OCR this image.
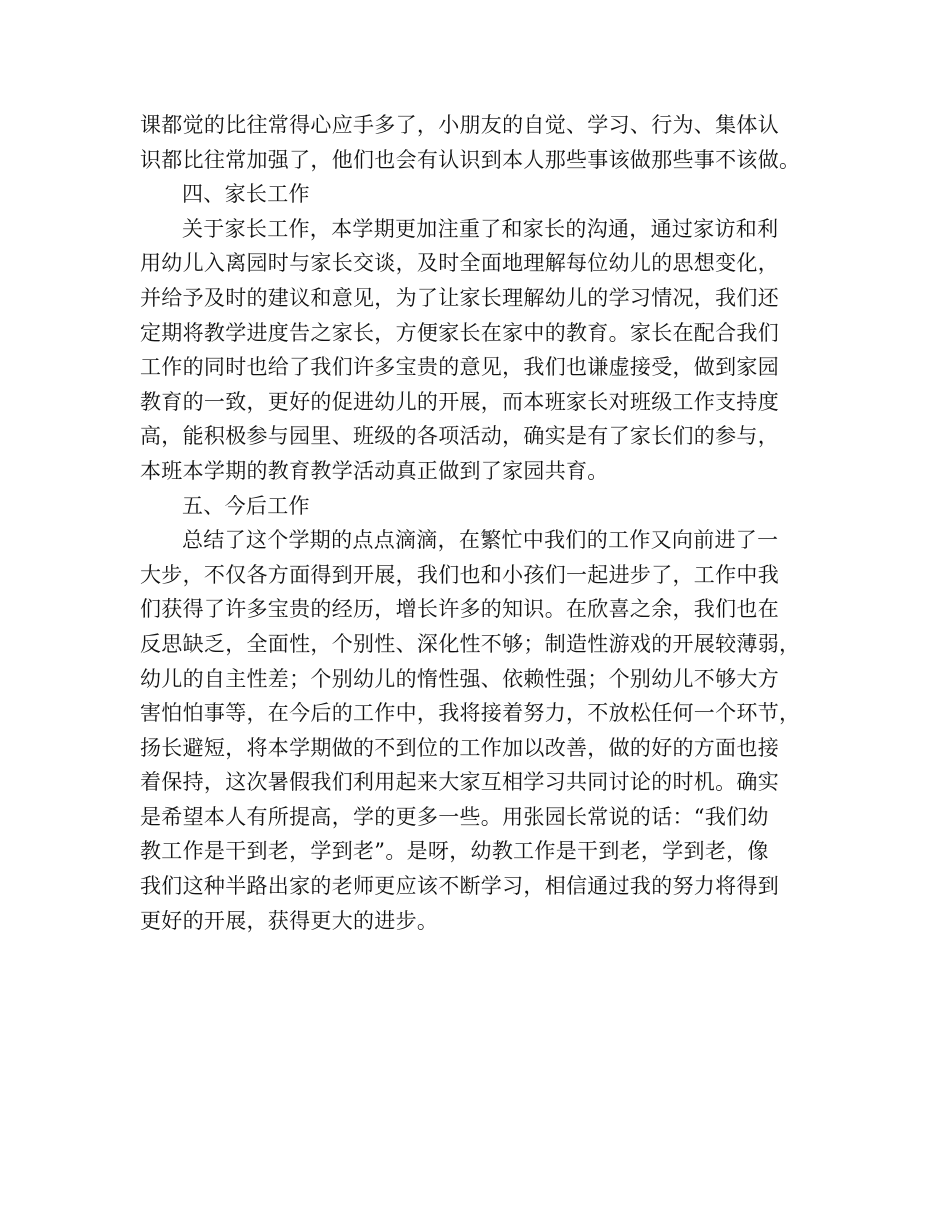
课都觉的比往常得心应手多了，小朋友的自觉、学习、行为、集体认
识都比往常加强了，他们也会有认识到本人那些事该做那些事不该做。
四、家长工作
关于家长工作，本学期更加注重了和家长的沟通，通过家访和利
用幼儿入离园时与家长交谈，及时全面地理解每位幼儿的思想变化，
并给予及时的建议和意见，为了让家长理解幼儿的学习情况，我们还
定期将教学进度告之家长，方便家长在家中的教育。家长在配合我们
工作的同时也给了我们许多宝贵的意见，我们也谦虚接受，做到家园
教育的一致，更好的促进幼儿的开展，而本班家长对班级工作支持度
高，能积极参与园里、班级的各项活动，确实是有了家长们的参与，
本班本学期的教育教学活动真正做到了家园共育。
五、今后工作
总结了这个学期的点点滴滴，在繁忙中我们的工作又向前进了一
大步，不仅各方面得到开展，我们也和小孩们一起进步了，工作中我
们获得了许多宝贵的经历，增长许多的知识。在欣喜之余，我们也在
反思缺乏，全面性，个别性、深化性不够；制造性游戏的开展较薄弱，
幼儿的自主性差；个别幼儿的惰性强、依赖性强；个别幼儿不够大方
害怕怕事等，在今后的工作中，我将接着努力，不放松任何一个环节，
扬长避短，将本学期做的不到位的工作加以改善，做的好的方面也接
着保持，这次暑假我们利用起来大家互相学习共同讨论的时机。确实
是希望本人有所提高，学的更多一些。用张园长常说的话：“我们幼
教工作是干到老，学到老”。是呀，幼教工作是干到老，学到老，像
我们这种半路出家的老师更应该不断学习，相信通过我的努力将得到
更好的开展，获得更大的进步。
